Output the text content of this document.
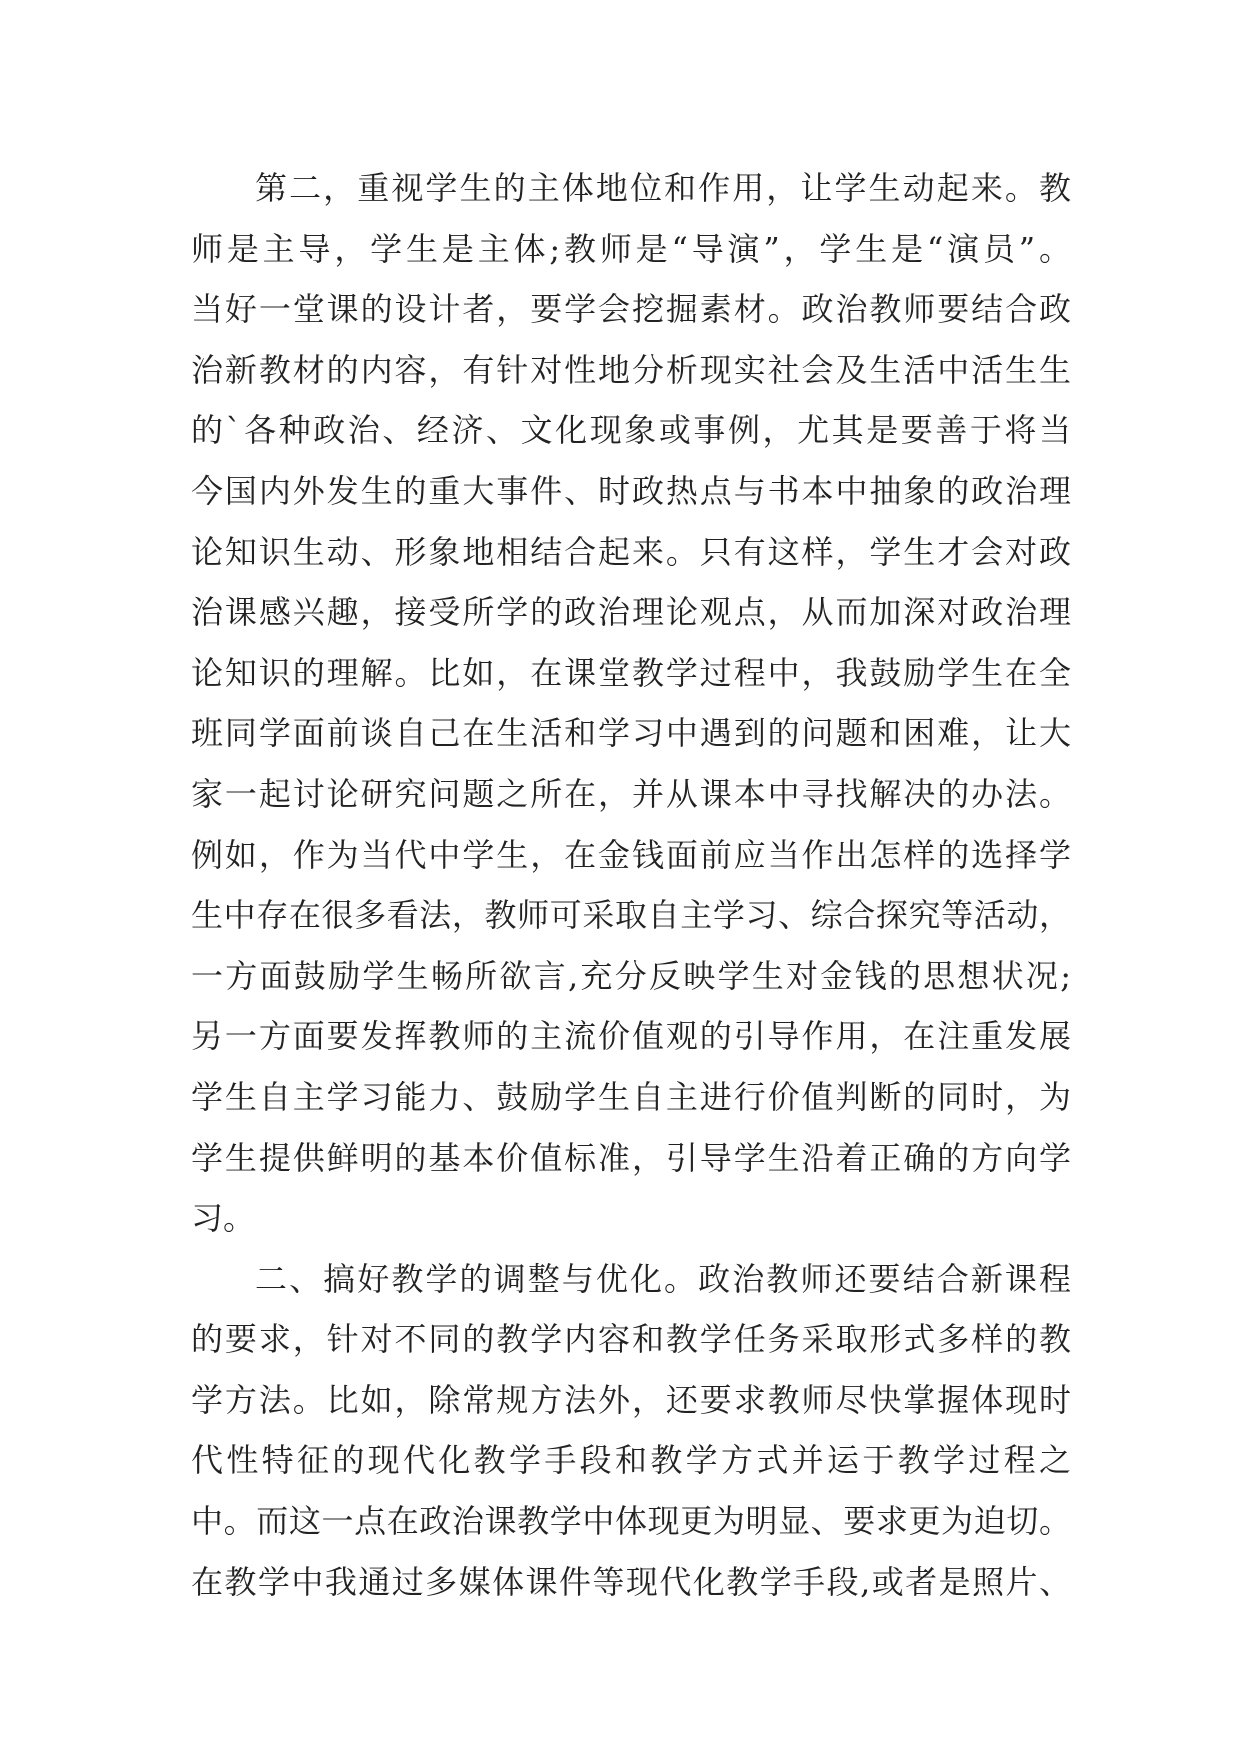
第二，重视学生的主体地位和作用，让学生动起来。教
师是主导，学生是主体;教师是“导演”，学生是“演员”。
当好一堂课的设计者，要学会挖掘素材。政治教师要结合政
治新教材的内容，有针对性地分析现实社会及生活中活生生
的`各种政治、经济、文化现象或事例，尤其是要善于将当
今国内外发生的重大事件、时政热点与书本中抽象的政治理
论知识生动、形象地相结合起来。只有这样，学生才会对政
治课感兴趣，接受所学的政治理论观点，从而加深对政治理
论知识的理解。比如，在课堂教学过程中，我鼓励学生在全
班同学面前谈自己在生活和学习中遇到的问题和困难，让大
家一起讨论研究问题之所在，并从课本中寻找解决的办法。
例如，作为当代中学生，在金钱面前应当作出怎样的选择学
生中存在很多看法，教师可采取自主学习、综合探究等活动，
一方面鼓励学生畅所欲言,充分反映学生对金钱的思想状况;
另一方面要发挥教师的主流价值观的引导作用，在注重发展
学生自主学习能力、鼓励学生自主进行价值判断的同时，为
学生提供鲜明的基本价值标准，引导学生沿着正确的方向学
习。
二、搞好教学的调整与优化。政治教师还要结合新课程
的要求，针对不同的教学内容和教学任务采取形式多样的教
学方法。比如，除常规方法外，还要求教师尽快掌握体现时
代性特征的现代化教学手段和教学方式并运于教学过程之
中。而这一点在政治课教学中体现更为明显、要求更为迫切。
在教学中我通过多媒体课件等现代化教学手段,或者是照片、
